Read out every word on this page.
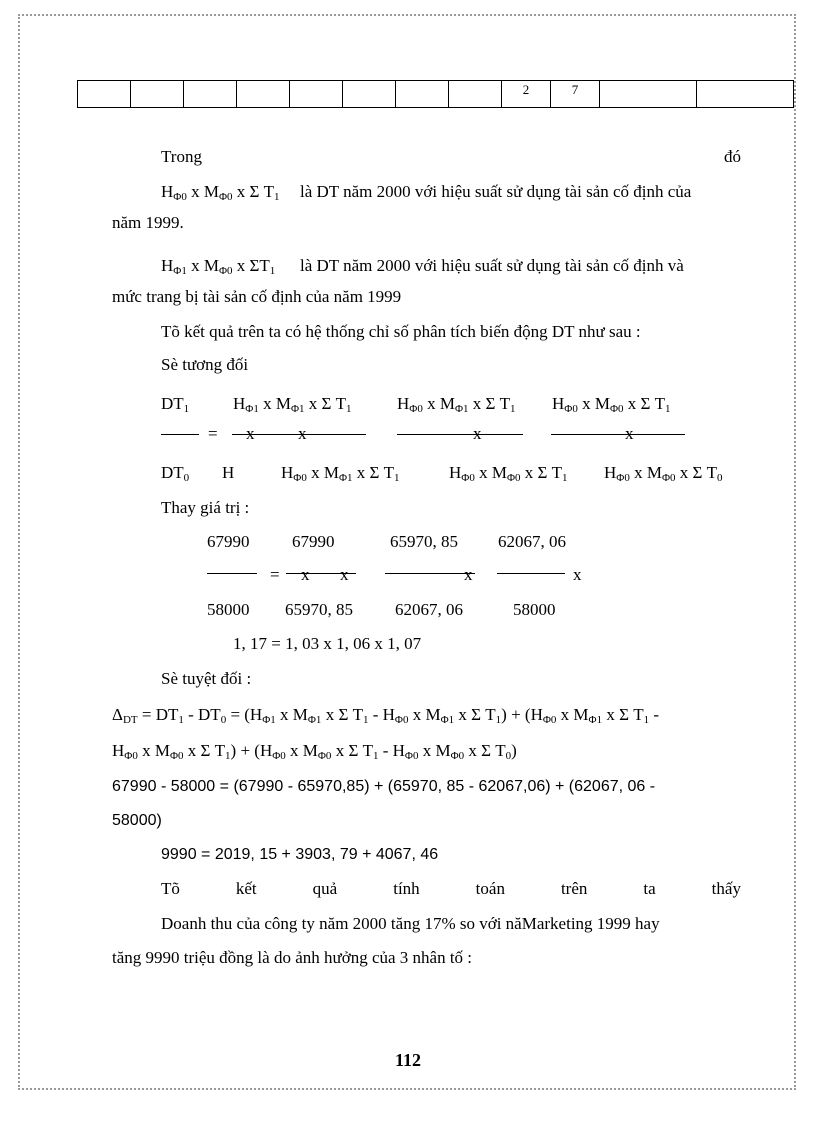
								2	7		
Trong	đó
HΦ0 x MΦ0 x Σ T1 là DT năm 2000 với hiệu suất sử dụng tài sản cố định của
năm 1999.
HΦ1 x MΦ0 x ΣT1 là DT năm 2000 với hiệu suất sử dụng tài sản cố định và
mức trang bị tài sản cố định của năm 1999
Tõ kết quả trên ta có hệ thống chỉ số phân tích biến động DT như sau :
Sè tương đối
DT1	HΦ1 x MΦ1 x Σ T1	HΦ0 x MΦ1 x Σ T1 HΦ0 x MΦ0 x Σ T1
= x	x	x	x
DT0 H	HΦ0 x MΦ1 x Σ T1	HΦ0 x MΦ0 x Σ T1 HΦ0 x MΦ0 x Σ T0
Thay giá trị :
67990	67990	65970, 85 62067, 06
= x x	x	x
58000 65970, 85 62067, 06	58000
1, 17 = 1, 03 x 1, 06 x 1, 07
Sè tuyệt đối :
ΔDT = DT1 - DT0 = (HΦ1 x MΦ1 x Σ T1 - HΦ0 x MΦ1 x Σ T1) + (HΦ0 x MΦ1 x Σ T1 -
HΦ0 x MΦ0 x Σ T1) + (HΦ0 x MΦ0 x Σ T1 - HΦ0 x MΦ0 x Σ T0)
67990 - 58000 = (67990 - 65970,85) + (65970, 85 - 62067,06) + (62067, 06 -
58000)
9990 = 2019, 15 + 3903, 79 + 4067, 46
Tõ	kết	quả	tính	toán	trên	ta	thấy
Doanh thu của công ty năm 2000 tăng 17% so với năMarketing 1999 hay
tăng 9990 triệu đồng là do ảnh hưởng của 3 nhân tố :
112
